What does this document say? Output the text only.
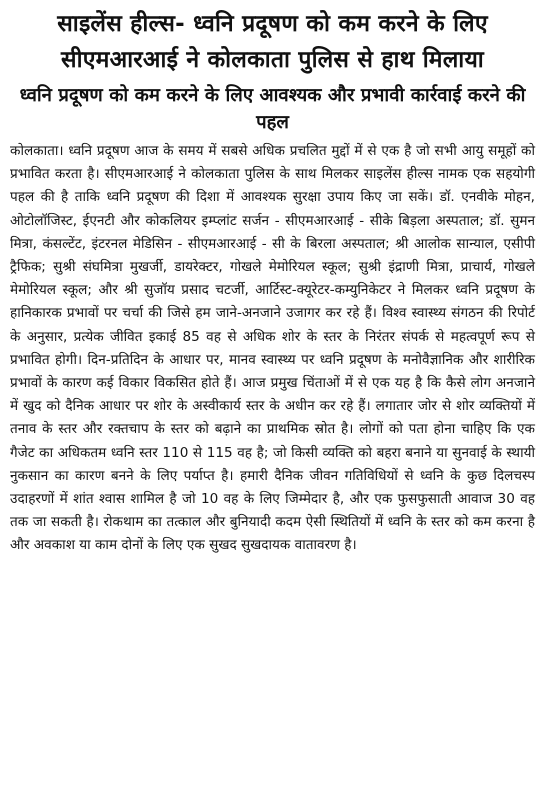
साइलेंस हील्स- ध्वनि प्रदूषण को कम करने के लिए सीएमआरआई ने कोलकाता पुलिस से हाथ मिलाया
ध्वनि प्रदूषण को कम करने के लिए आवश्यक और प्रभावी कार्रवाई करने की पहल

कोलकाता। ध्वनि प्रदूषण आज के समय में सबसे अधिक प्रचलित मुद्दों में से एक है जो सभी आयु समूहों को प्रभावित करता है। सीएमआरआई ने कोलकाता पुलिस के साथ मिलकर साइलेंस हील्स नामक एक सहयोगी पहल की है ताकि ध्वनि प्रदूषण की दिशा में आवश्यक सुरक्षा उपाय किए जा सकें। डॉ. एनवीके मोहन, ओटोलॉजिस्ट, ईएनटी और कोकलियर इम्प्लांट सर्जन - सीएमआरआई - सीके बिड़ला अस्पताल; डॉ. सुमन मित्रा, कंसल्टेंट, इंटरनल मेडिसिन - सीएमआरआई - सी के बिरला अस्पताल; श्री आलोक सान्याल, एसीपी ट्रैफिक; सुश्री संघमित्रा मुखर्जी, डायरेक्टर, गोखले मेमोरियल स्कूल; सुश्री इंद्राणी मित्रा, प्राचार्य, गोखले मेमोरियल स्कूल; और श्री सुजॉय प्रसाद चटर्जी, आर्टिस्ट-क्यूरेटर-कम्युनिकेटर ने मिलकर ध्वनि प्रदूषण के हानिकारक प्रभावों पर चर्चा की जिसे हम जाने-अनजाने उजागर कर रहे हैं। विश्व स्वास्थ्य संगठन की रिपोर्ट के अनुसार, प्रत्येक जीवित इकाई 85 वह से अधिक शोर के स्तर के निरंतर संपर्क से महत्वपूर्ण रूप से प्रभावित होगी। दिन-प्रतिदिन के आधार पर, मानव स्वास्थ्य पर ध्वनि प्रदूषण के मनोवैज्ञानिक और शारीरिक प्रभावों के कारण कई विकार विकसित होते हैं। आज प्रमुख चिंताओं में से एक यह है कि कैसे लोग अनजाने में खुद को दैनिक आधार पर शोर के अस्वीकार्य स्तर के अधीन कर रहे हैं। लगातार जोर से शोर व्यक्तियों में तनाव के स्तर और रक्तचाप के स्तर को बढ़ाने का प्राथमिक स्रोत है। लोगों को पता होना चाहिए कि एक गैजेट का अधिकतम ध्वनि स्तर 110 से 115 वह है; जो किसी व्यक्ति को बहरा बनाने या सुनवाई के स्थायी नुकसान का कारण बनने के लिए पर्याप्त है। हमारी दैनिक जीवन गतिविधियों से ध्वनि के कुछ दिलचस्प उदाहरणों में शांत श्वास शामिल है जो 10 वह के लिए जिम्मेदार है, और एक फुसफुसाती आवाज 30 वह तक जा सकती है। रोकथाम का तत्काल और बुनियादी कदम ऐसी स्थितियों में ध्वनि के स्तर को कम करना है और अवकाश या काम दोनों के लिए एक सुखद सुखदायक वातावरण है।
